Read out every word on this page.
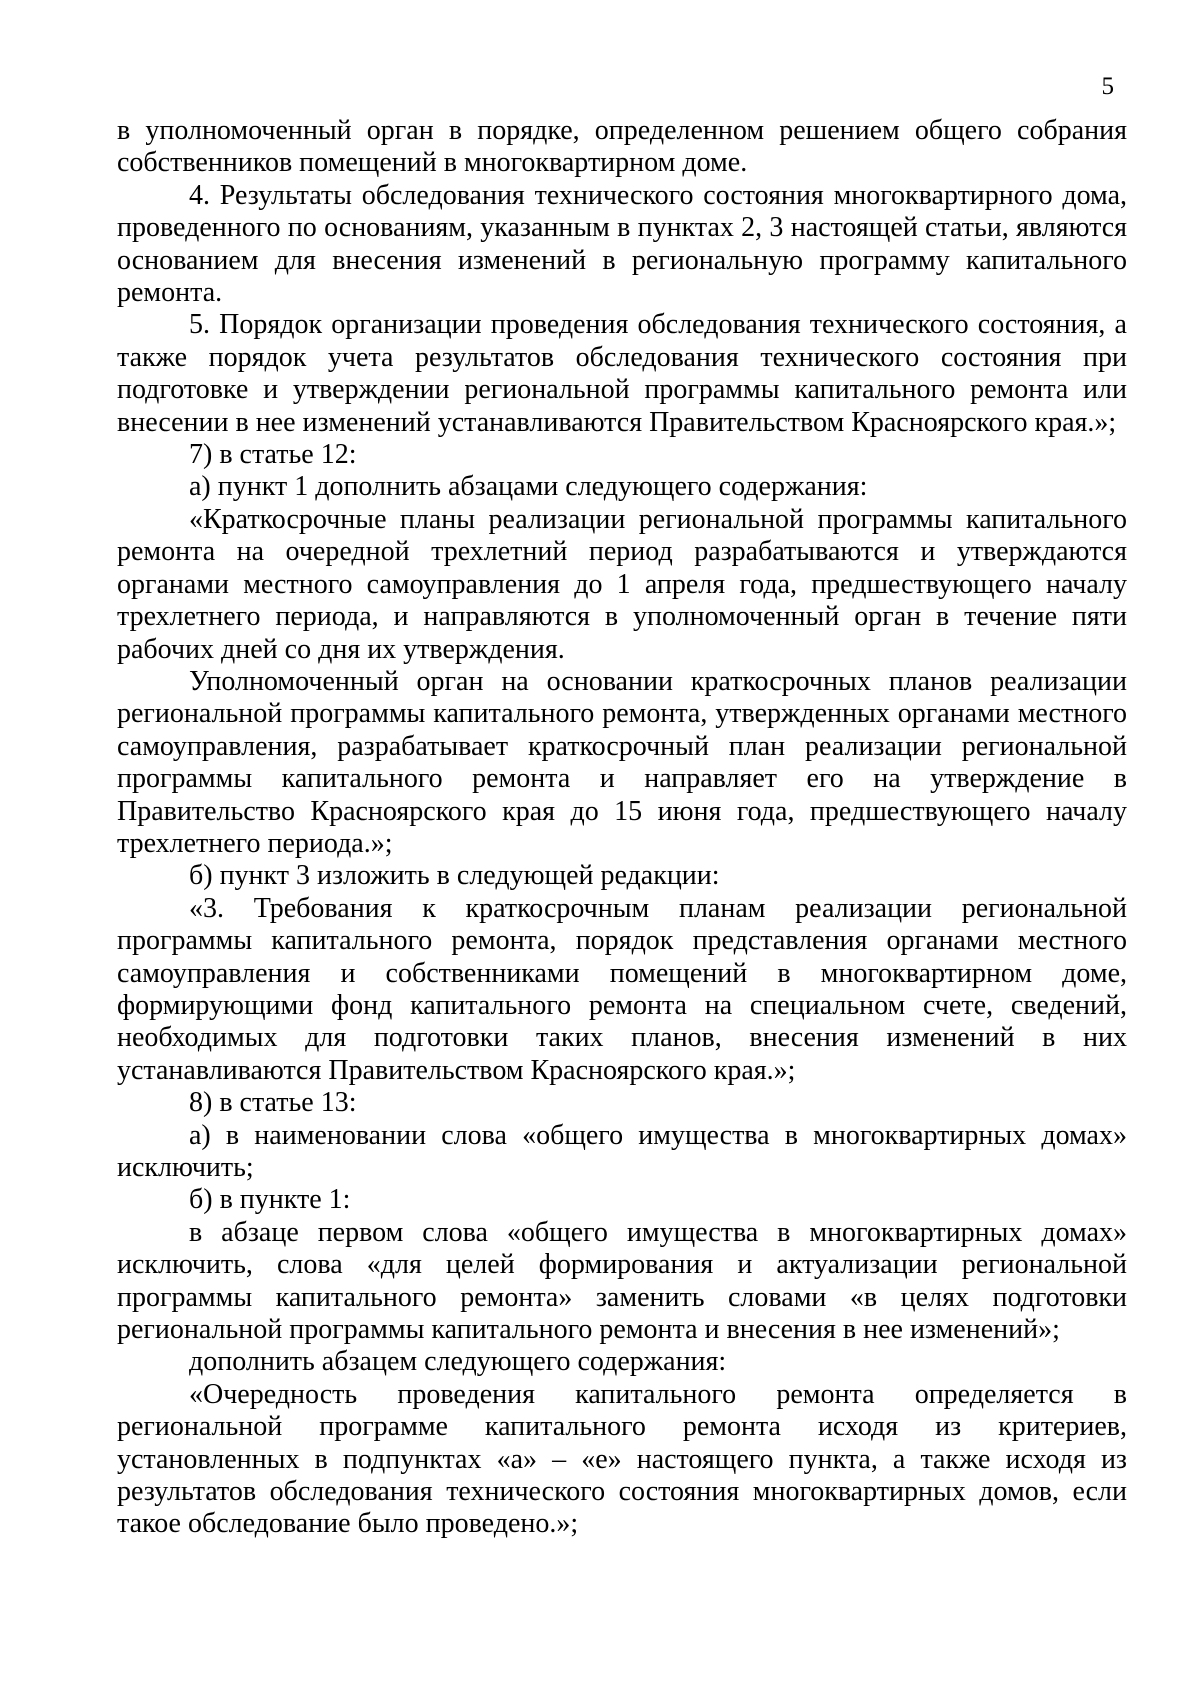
5

в уполномоченный орган в порядке, определенном решением общего собрания собственников помещений в многоквартирном доме.

4. Результаты обследования технического состояния многоквартирного дома, проведенного по основаниям, указанным в пунктах 2, 3 настоящей статьи, являются основанием для внесения изменений в региональную программу капитального ремонта.

5. Порядок организации проведения обследования технического состояния, а также порядок учета результатов обследования технического состояния при подготовке и утверждении региональной программы капитального ремонта или внесении в нее изменений устанавливаются Правительством Красноярского края.»;

7) в статье 12:

а) пункт 1 дополнить абзацами следующего содержания:

«Краткосрочные планы реализации региональной программы капитального ремонта на очередной трехлетний период разрабатываются и утверждаются органами местного самоуправления до 1 апреля года, предшествующего началу трехлетнего периода, и направляются в уполномоченный орган в течение пяти рабочих дней со дня их утверждения.

Уполномоченный орган на основании краткосрочных планов реализации региональной программы капитального ремонта, утвержденных органами местного самоуправления, разрабатывает краткосрочный план реализации региональной программы капитального ремонта и направляет его на утверждение в Правительство Красноярского края до 15 июня года, предшествующего началу трехлетнего периода.»;

б) пункт 3 изложить в следующей редакции:

«3. Требования к краткосрочным планам реализации региональной программы капитального ремонта, порядок представления органами местного самоуправления и собственниками помещений в многоквартирном доме, формирующими фонд капитального ремонта на специальном счете, сведений, необходимых для подготовки таких планов, внесения изменений в них устанавливаются Правительством Красноярского края.»;

8) в статье 13:

а) в наименовании слова «общего имущества в многоквартирных домах» исключить;

б) в пункте 1:

в абзаце первом слова «общего имущества в многоквартирных домах» исключить, слова «для целей формирования и актуализации региональной программы капитального ремонта» заменить словами «в целях подготовки региональной программы капитального ремонта и внесения в нее изменений»;

дополнить абзацем следующего содержания:

«Очередность проведения капитального ремонта определяется в региональной программе капитального ремонта исходя из критериев, установленных в подпунктах «а» – «е» настоящего пункта, а также исходя из результатов обследования технического состояния многоквартирных домов, если такое обследование было проведено.»;
